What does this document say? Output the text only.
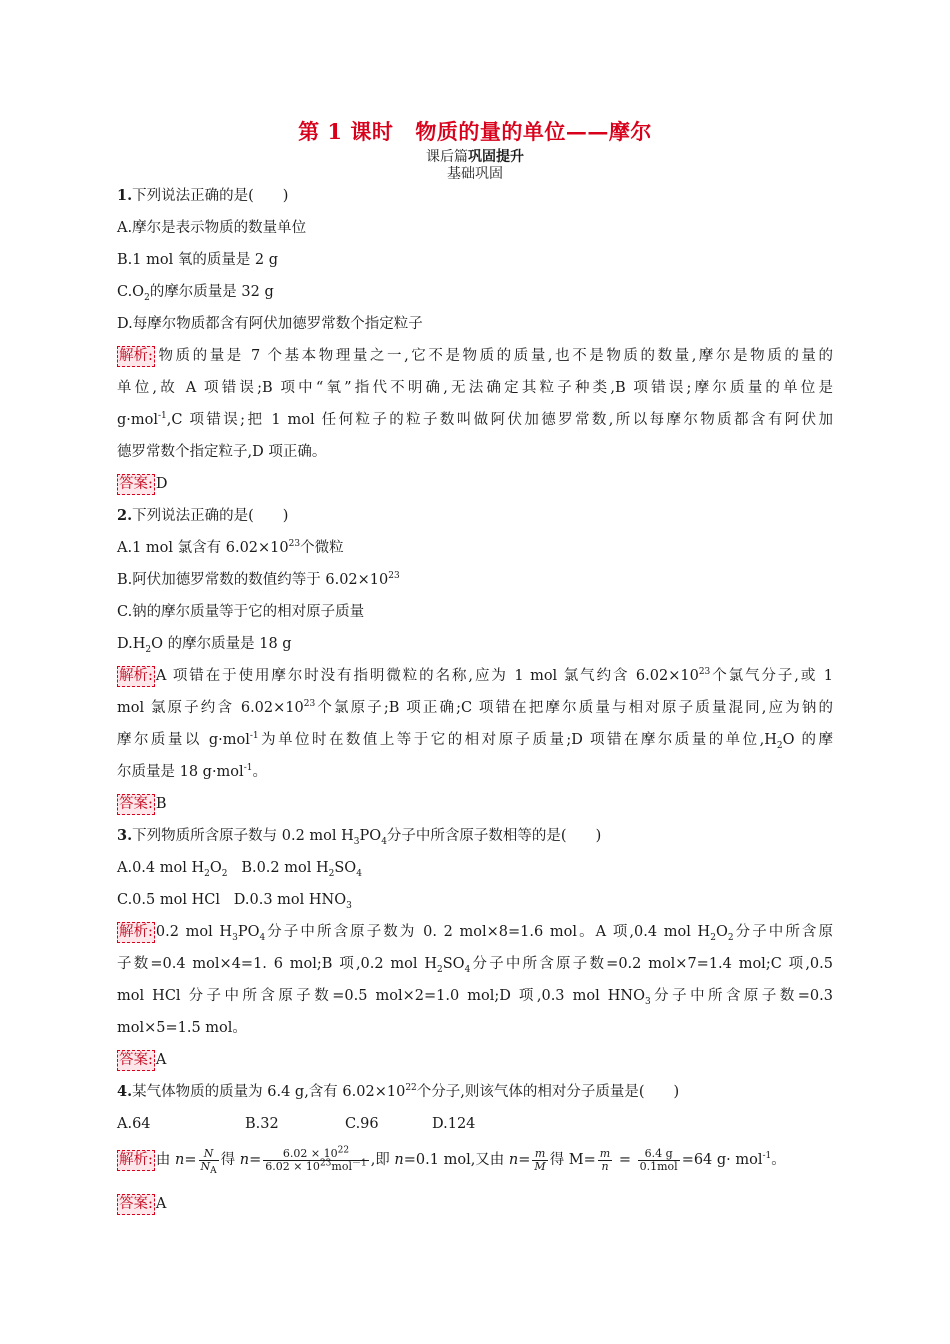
第 1 课时 物质的量的单位——摩尔
课后篇巩固提升
基础巩固
1.下列说法正确的是(　　)
A.摩尔是表示物质的数量单位
B.1 mol 氧的质量是 2 g
$C.O_2$的摩尔质量是 32 g
D.每摩尔物质都含有阿伏加德罗常数个指定粒子
解析: 物质的量是 7 个基本物理量之一,它不是物质的质量,也不是物质的数量,摩尔是物质的量的
单位,故 A 项错误;B 项中“氧”指代不明确,无法确定其粒子种类,B 项错误;摩尔质量的单位是
g·mol$^{-1}$,C 项错误;把 1 mol 任何粒子的粒子数叫做阿伏加德罗常数,所以每摩尔物质都含有阿伏加
德罗常数个指定粒子,D 项正确。
答案: D
2.下列说法正确的是(　　)
A.1 mol 氯含有 $6.02\times 10^{23}$个微粒
B.阿伏加德罗常数的数值约等于 $6.02\times 10^{23}$
C.钠的摩尔质量等于它的相对原子质量
$D.H_2O$ 的摩尔质量是 18 g
解析: A 项错在于使用摩尔时没有指明微粒的名称,应为 1 mol 氯气约含 $6.02\times 10^{23}$个氯气分子,或 1
mol 氯原子约含 $6.02\times 10^{23}$个氯原子;B 项正确;C 项错在把摩尔质量与相对原子质量混同,应为钠的
摩尔质量以 g·mol$^{-1}$为单位时在数值上等于它的相对原子质量;D 项错在摩尔质量的单位$,H_2O$ 的摩
尔质量是 18 g·mol$^{-1}$。
答案: B
3.下列物质所含原子数与 0.2 mol $H_3PO_4$分子中所含原子数相等的是(　　)
A.0.4 mol $H_2O_2$ B.0.2 mol $H_2SO_4$
C.0.5 mol HCl D.0.3 mol $HNO_3$
解析: 0.2 mol $H_3PO_4$分子中所含原子数为 0. 2 mol×8=1.6 mol。A 项,0.4 mol $H_2O_2$分子中所含原
子数=0.4 mol×4=1. 6 mol;B 项,0.2 mol $H_2SO_4$分子中所含原子数=0.2 mol×7=1.4 mol;C 项,0.5
mol HCl 分子中所含原子数=0.5 mol×2=1.0 mol;D 项,0.3 mol $HNO_3$分子中所含原子数=0.3
mol×5=1.5 mol。
答案: A
4.某气体物质的质量为 6.4 g,含有 $6.02\times 10^{22}$个分子,则该气体的相对分子质量是(　　)
A.64	B.32	C.96	D.124
解析: 由 $n= \frac{N}{N_A}$ 得 $n= \frac{6.02 \times 10^{22}}{6.02 \times 10^{23}mol^{-1}}$ ,即 n=0.1 mol,又由 $n= \frac{m}{M}$ 得 $M= \frac{m}{n} = \frac{6.4 g}{\text{0.1mol}} =64$ g· mol$^{-1}$。
答案: A
